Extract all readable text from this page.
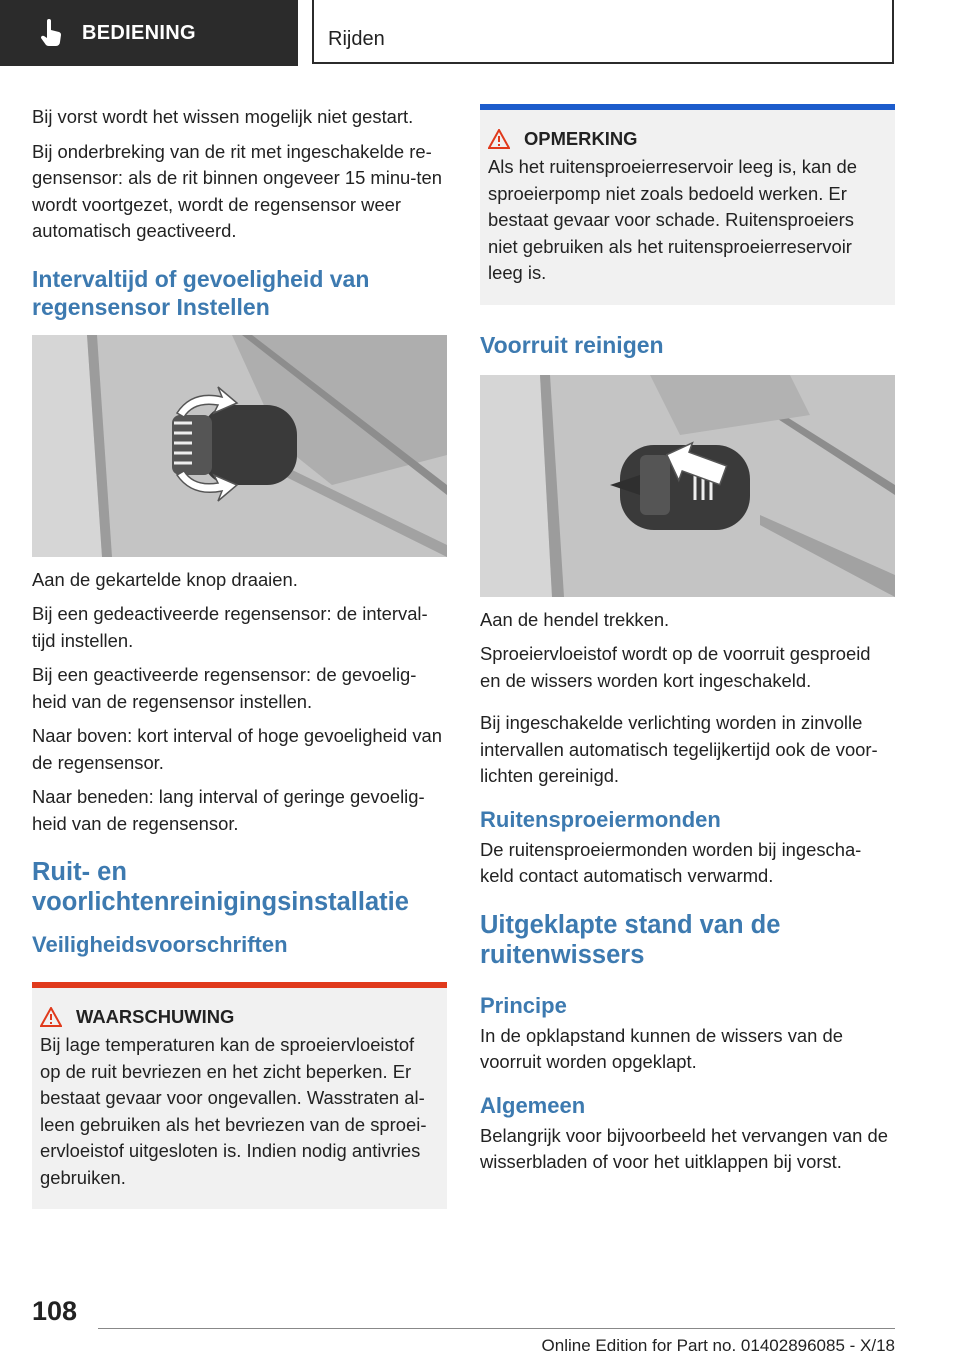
BEDIENING	Rijden

Bij vorst wordt het wissen mogelijk niet gestart.

Bij onderbreking van de rit met ingeschakelde re-gensensor: als de rit binnen ongeveer 15 minu-ten wordt voortgezet, wordt de regensensor weer automatisch geactiveerd.

Intervaltijd of gevoeligheid van regensensor Instellen

Aan de gekartelde knop draaien.

Bij een gedeactiveerde regensensor: de interval-tijd instellen.

Bij een geactiveerde regensensor: de gevoelig-heid van de regensensor instellen.

Naar boven: kort interval of hoge gevoeligheid van de regensensor.

Naar beneden: lang interval of geringe gevoelig-heid van de regensensor.

Ruit- en voorlichtenreinigingsinstallatie
Veiligheidsvoorschriften
WAARSCHUWING

Bij lage temperaturen kan de sproeiervloeistof op de ruit bevriezen en het zicht beperken. Er bestaat gevaar voor ongevallen. Wasstraten al-leen gebruiken als het bevriezen van de sproei-ervloeistof uitgesloten is. Indien nodig antivries gebruiken.

OPMERKING

Als het ruitensproeierreservoir leeg is, kan de sproeierpomp niet zoals bedoeld werken. Er bestaat gevaar voor schade. Ruitensproeiers niet gebruiken als het ruitensproeierreservoir leeg is.

Voorruit reinigen

Aan de hendel trekken.

Sproeiervloeistof wordt op de voorruit gesproeid en de wissers worden kort ingeschakeld.

Bij ingeschakelde verlichting worden in zinvolle intervallen automatisch tegelijkertijd ook de voor-lichten gereinigd.

Ruitensproeiermonden

De ruitensproeiermonden worden bij ingescha-keld contact automatisch verwarmd.

Uitgeklapte stand van de ruitenwissers
Principe

In de opklapstand kunnen de wissers van de voorruit worden opgeklapt.

Algemeen

Belangrijk voor bijvoorbeeld het vervangen van de wisserbladen of voor het uitklappen bij vorst.

108
Online Edition for Part no. 01402896085 - X/18
